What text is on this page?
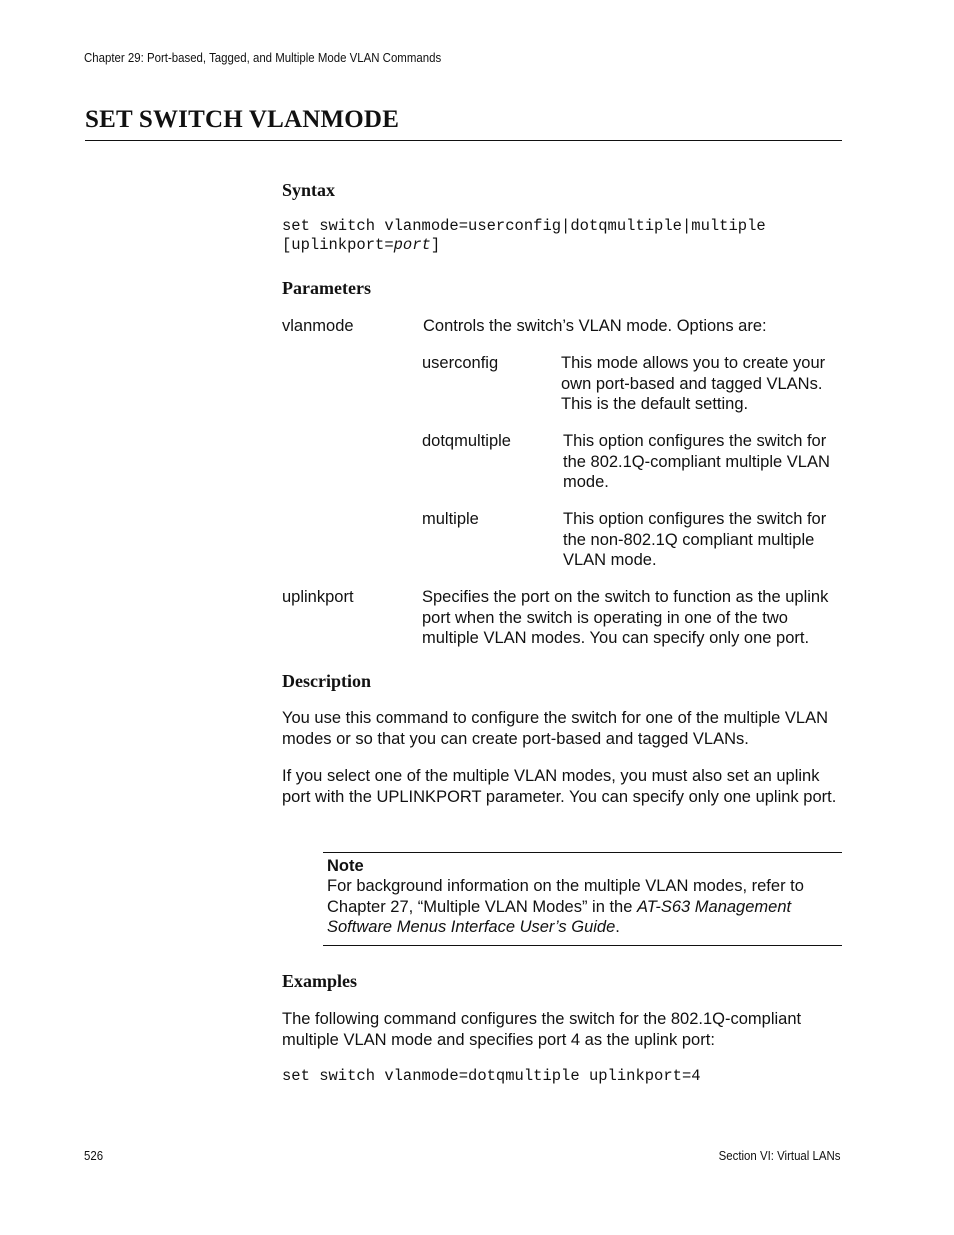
Chapter 29: Port-based, Tagged, and Multiple Mode VLAN Commands
SET SWITCH VLANMODE
Syntax
set switch vlanmode=userconfig|dotqmultiple|multiple
[uplinkport=port]
Parameters
vlanmode	Controls the switch’s VLAN mode. Options are:
userconfig	This mode allows you to create your own port-based and tagged VLANs. This is the default setting.
dotqmultiple	This option configures the switch for the 802.1Q-compliant multiple VLAN mode.
multiple	This option configures the switch for the non-802.1Q compliant multiple VLAN mode.
uplinkport	Specifies the port on the switch to function as the uplink port when the switch is operating in one of the two multiple VLAN modes. You can specify only one port.
Description
You use this command to configure the switch for one of the multiple VLAN modes or so that you can create port-based and tagged VLANs.
If you select one of the multiple VLAN modes, you must also set an uplink port with the UPLINKPORT parameter. You can specify only one uplink port.
Note
For background information on the multiple VLAN modes, refer to Chapter 27, “Multiple VLAN Modes” in the AT-S63 Management Software Menus Interface User’s Guide.
Examples
The following command configures the switch for the 802.1Q-compliant multiple VLAN mode and specifies port 4 as the uplink port:
set switch vlanmode=dotqmultiple uplinkport=4
526	Section VI: Virtual LANs
